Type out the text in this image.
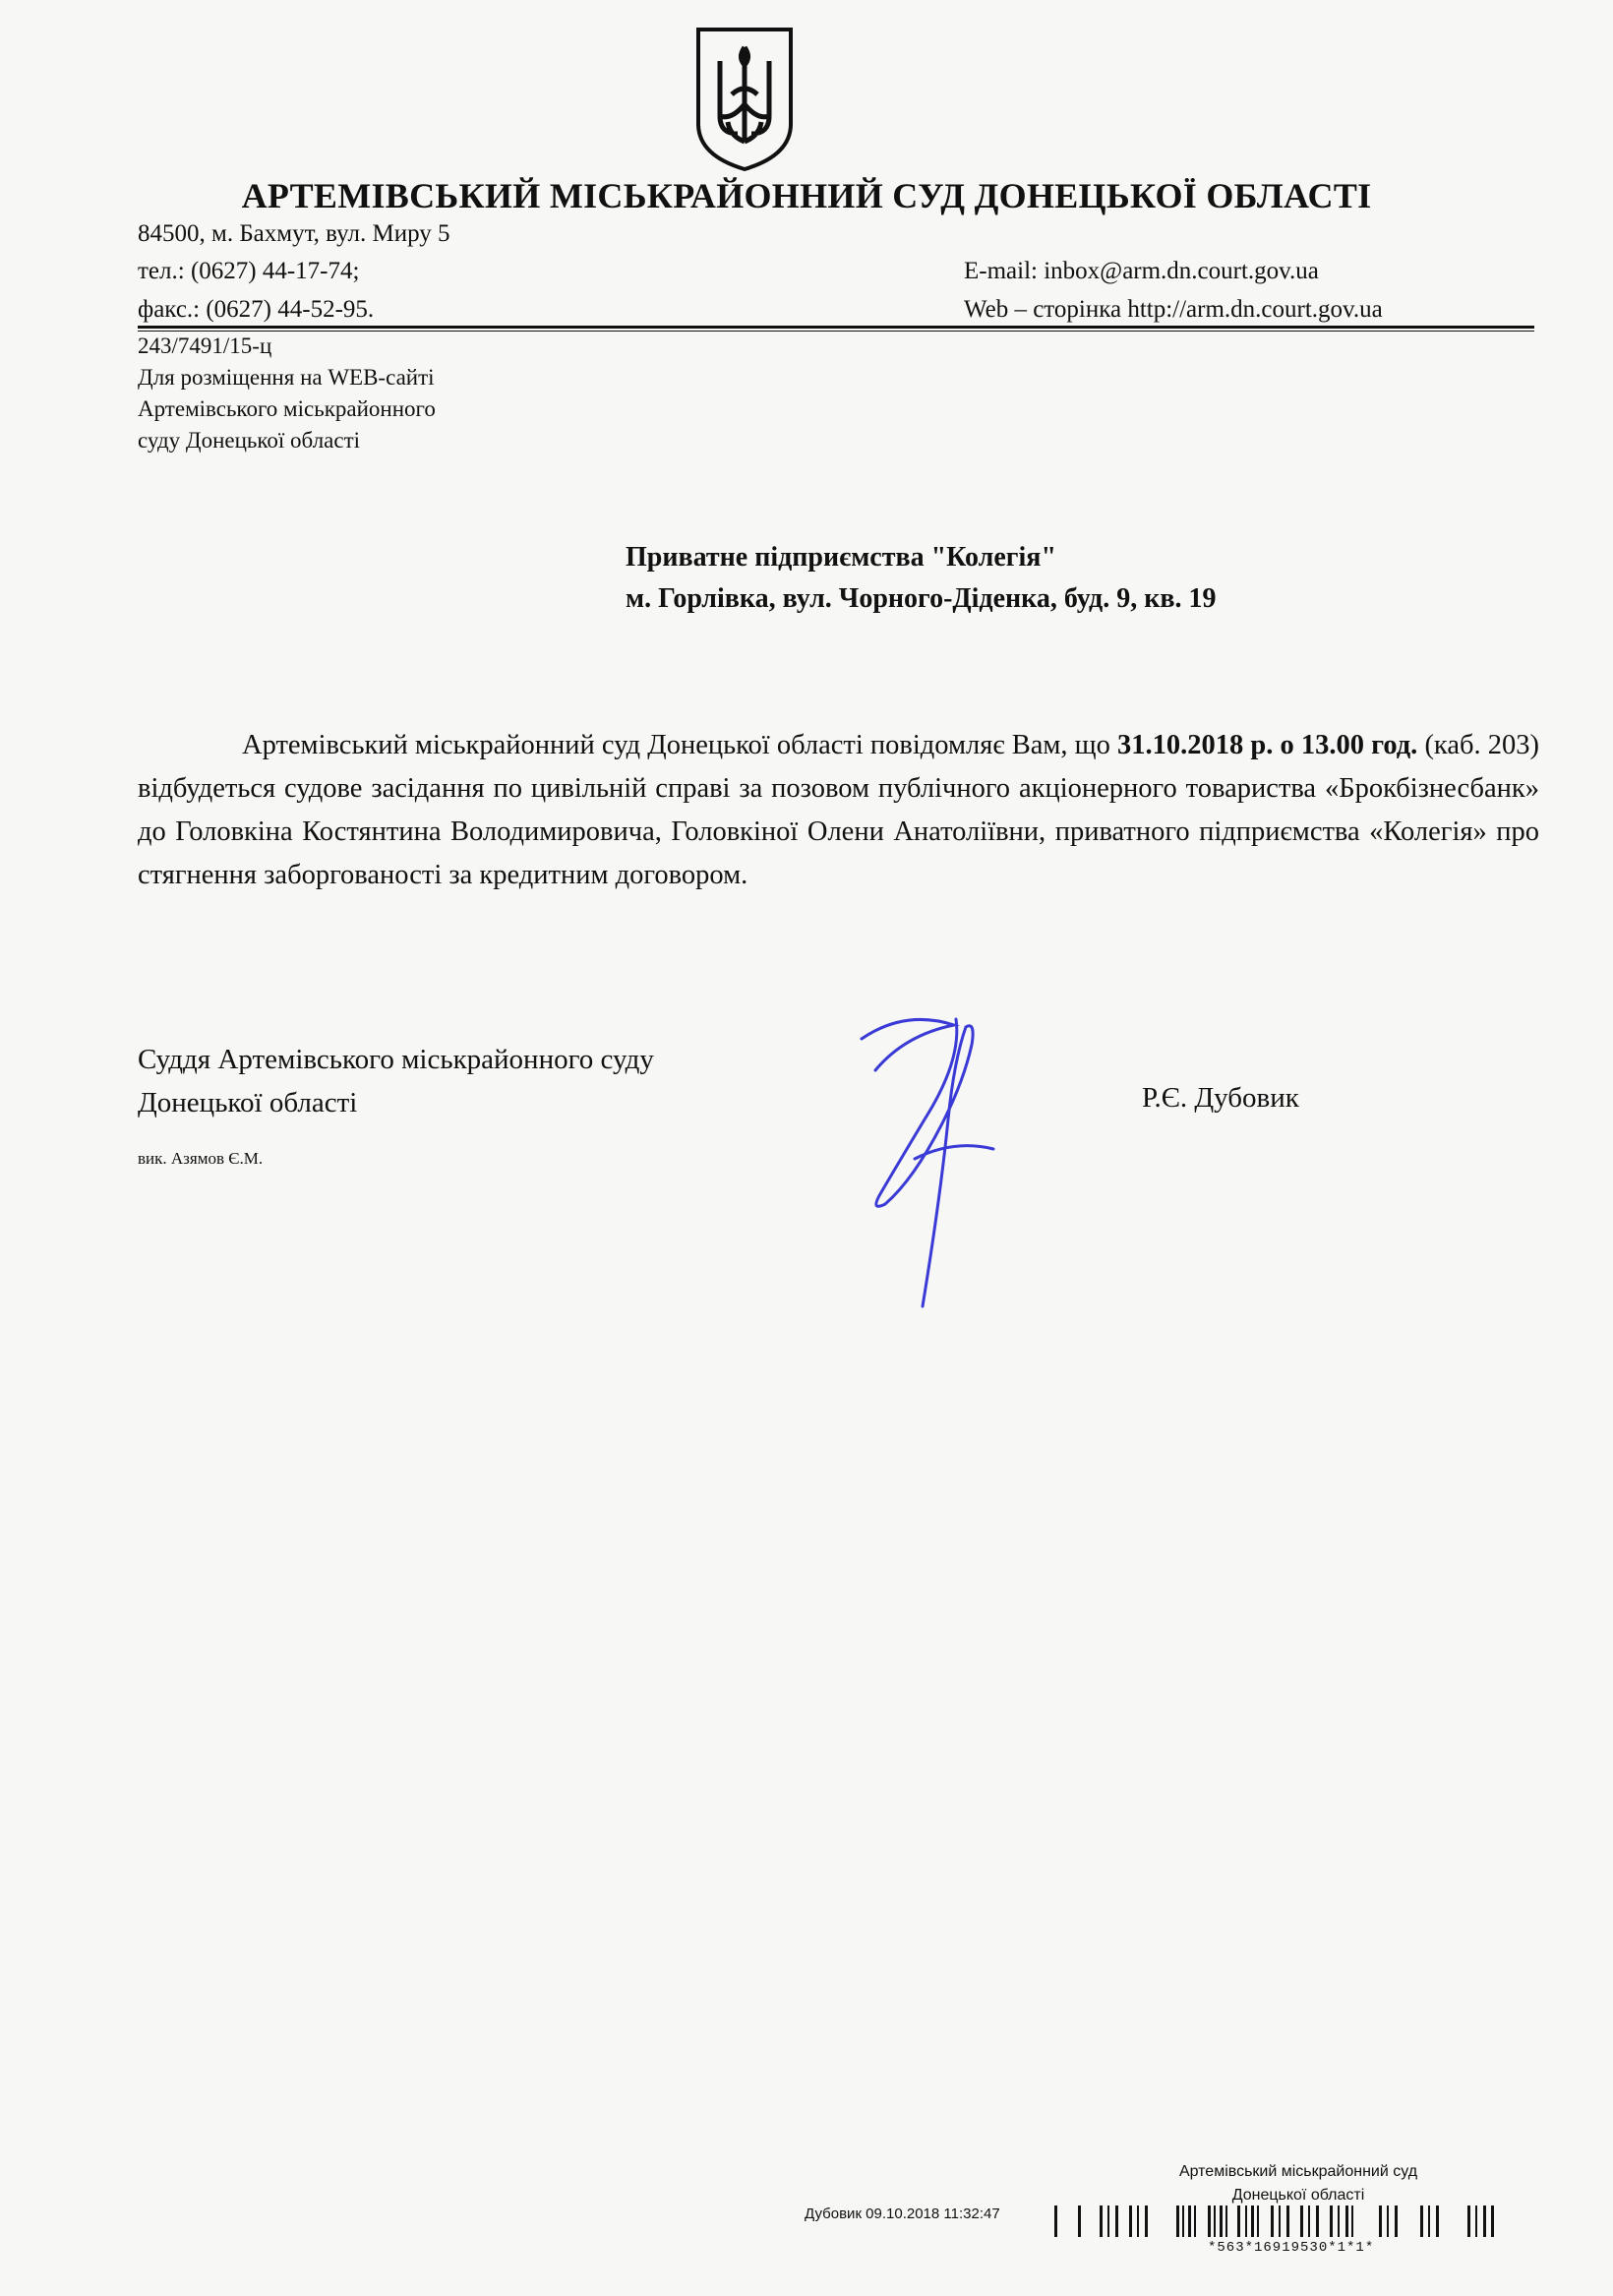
АРТЕМІВСЬКИЙ МІСЬКРАЙОННИЙ СУД ДОНЕЦЬКОЇ ОБЛАСТІ
84500, м. Бахмут, вул. Миру 5
тел.: (0627) 44-17-74;
факс.: (0627) 44-52-95.
E-mail: inbox@arm.dn.court.gov.ua
Web – сторінка http://arm.dn.court.gov.ua
243/7491/15-ц
Для розміщення на WEB-сайті
Артемівського міськрайонного
суду Донецької області
Приватне підприємства "Колегія"
м. Горлівка, вул. Чорного-Діденка, буд. 9, кв. 19

Артемівський міськрайонний суд Донецької області повідомляє Вам, що 31.10.2018 р. о 13.00 год. (каб. 203) відбудеться судове засідання по цивільній справі за позовом публічного акціонерного товариства «Брокбізнесбанк» до Головкіна Костянтина Володимировича, Головкіної Олени Анатоліївни, приватного підприємства «Колегія» про стягнення заборгованості за кредитним договором.

Суддя Артемівського міськрайонного суду
Донецької області	Р.Є. Дубовик
вик. Азямов Є.М.
Артемівський міськрайонний суд
Донецької області
Дубовик 09.10.2018 11:32:47
*563*16919530*1*1*
